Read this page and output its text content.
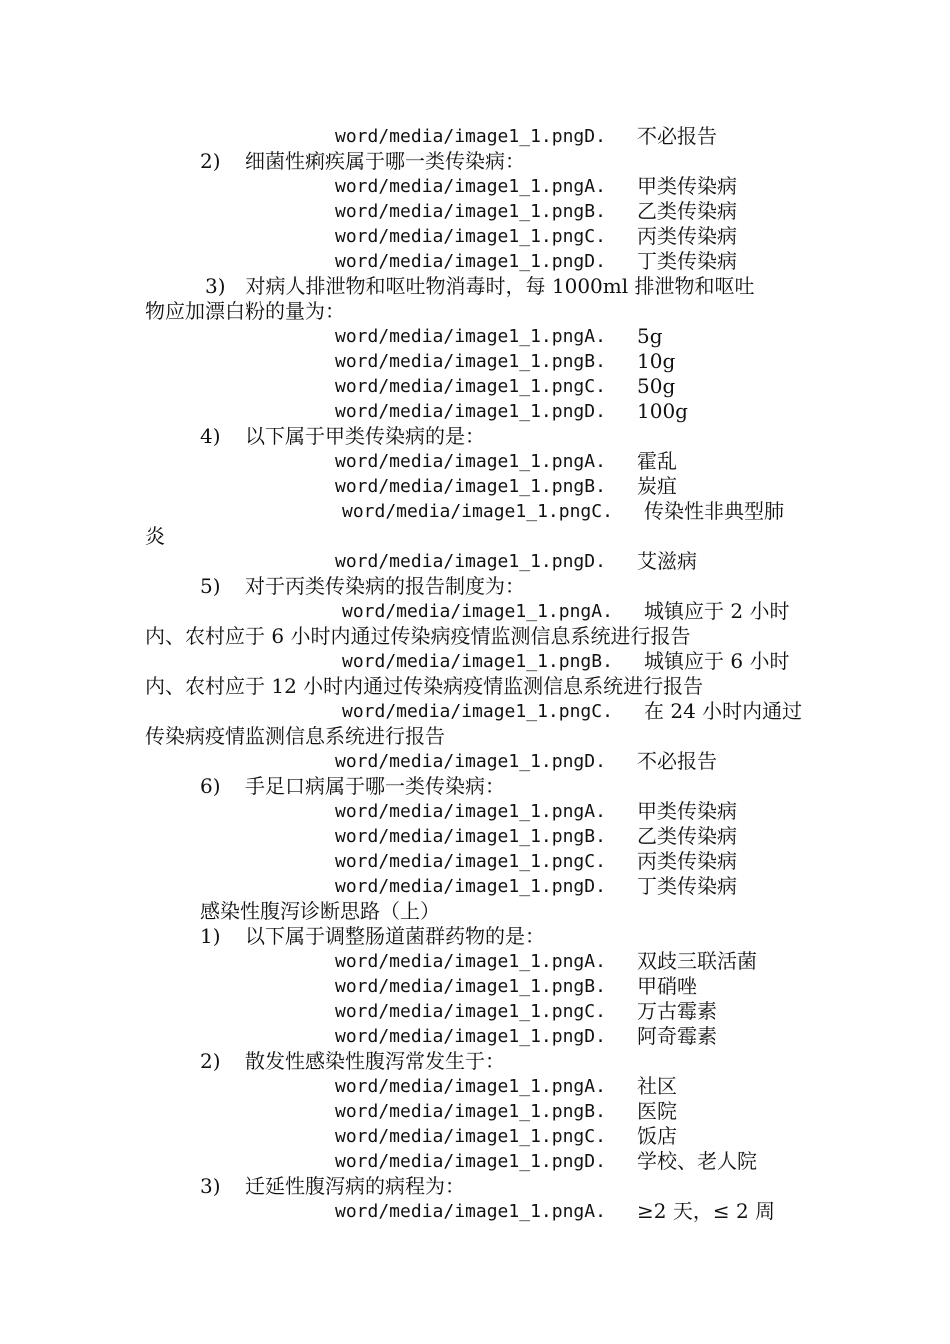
word/media/image1_1.pngD. 不必报告
2) 细菌性痢疾属于哪一类传染病：
word/media/image1_1.pngA. 甲类传染病
word/media/image1_1.pngB. 乙类传染病
word/media/image1_1.pngC. 丙类传染病
word/media/image1_1.pngD. 丁类传染病
3)　对病人排泄物和呕吐物消毒时，每 1000ml 排泄物和呕吐
物应加漂白粉的量为：
word/media/image1_1.pngA. 5g
word/media/image1_1.pngB. 10g
word/media/image1_1.pngC. 50g
word/media/image1_1.pngD. 100g
4) 以下属于甲类传染病的是：
word/media/image1_1.pngA. 霍乱
word/media/image1_1.pngB. 炭疽
word/media/image1_1.pngC. 传染性非典型肺
炎
word/media/image1_1.pngD. 艾滋病
5) 对于丙类传染病的报告制度为：
word/media/image1_1.pngA. 城镇应于 2 小时
内、农村应于 6 小时内通过传染病疫情监测信息系统进行报告
word/media/image1_1.pngB. 城镇应于 6 小时
内、农村应于 12 小时内通过传染病疫情监测信息系统进行报告
word/media/image1_1.pngC. 在 24 小时内通过
传染病疫情监测信息系统进行报告
word/media/image1_1.pngD. 不必报告
6) 手足口病属于哪一类传染病：
word/media/image1_1.pngA. 甲类传染病
word/media/image1_1.pngB. 乙类传染病
word/media/image1_1.pngC. 丙类传染病
word/media/image1_1.pngD. 丁类传染病
感染性腹泻诊断思路（上）
1) 以下属于调整肠道菌群药物的是：
word/media/image1_1.pngA. 双歧三联活菌
word/media/image1_1.pngB. 甲硝唑
word/media/image1_1.pngC. 万古霉素
word/media/image1_1.pngD. 阿奇霉素
2) 散发性感染性腹泻常发生于：
word/media/image1_1.pngA. 社区
word/media/image1_1.pngB. 医院
word/media/image1_1.pngC. 饭店
word/media/image1_1.pngD. 学校、老人院
3) 迁延性腹泻病的病程为：
word/media/image1_1.pngA. ≥2 天，≤ 2 周
